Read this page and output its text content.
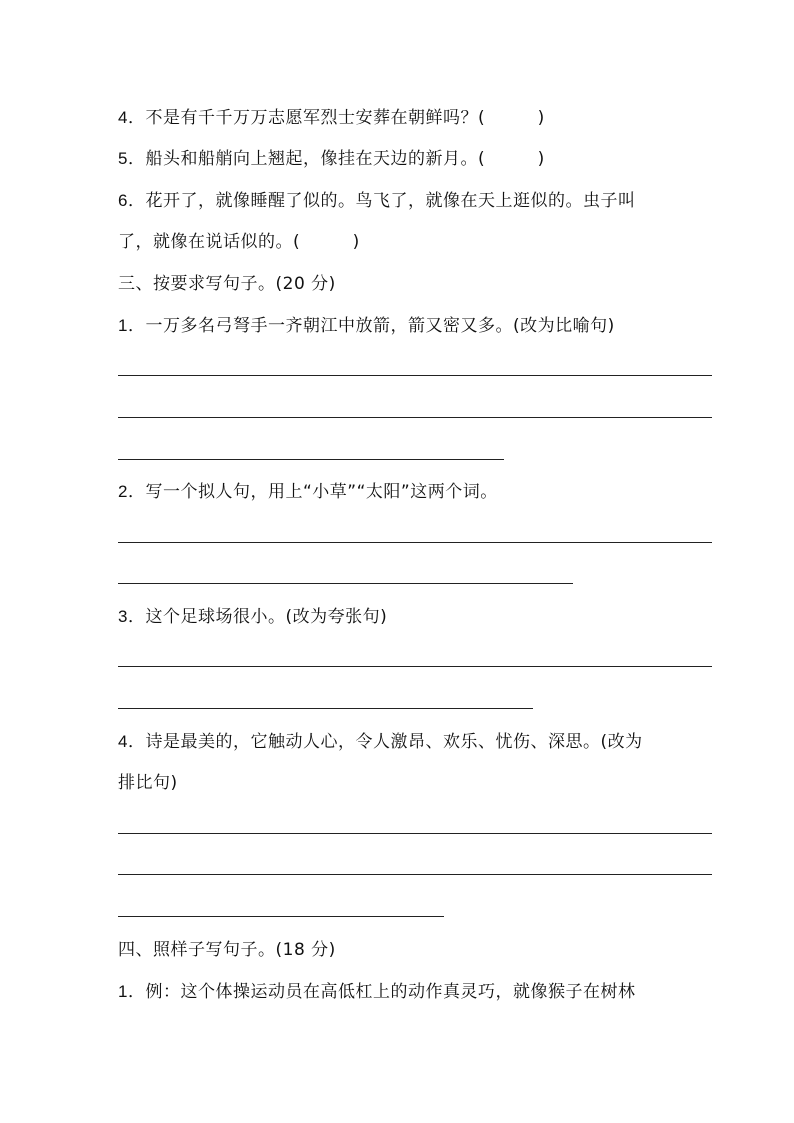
4．不是有千千万万志愿军烈士安葬在朝鲜吗？(　　　)
5．船头和船艄向上翘起，像挂在天边的新月。(　　　)
6．花开了，就像睡醒了似的。鸟飞了，就像在天上逛似的。虫子叫
了，就像在说话似的。(　　　)
三、按要求写句子。(20 分)
1．一万多名弓弩手一齐朝江中放箭，箭又密又多。(改为比喻句)
2．写一个拟人句，用上“小草”“太阳”这两个词。
3．这个足球场很小。(改为夸张句)
4．诗是最美的，它触动人心，令人激昂、欢乐、忧伤、深思。(改为
排比句)
四、照样子写句子。(18 分)
1．例：这个体操运动员在高低杠上的动作真灵巧，就像猴子在树林
